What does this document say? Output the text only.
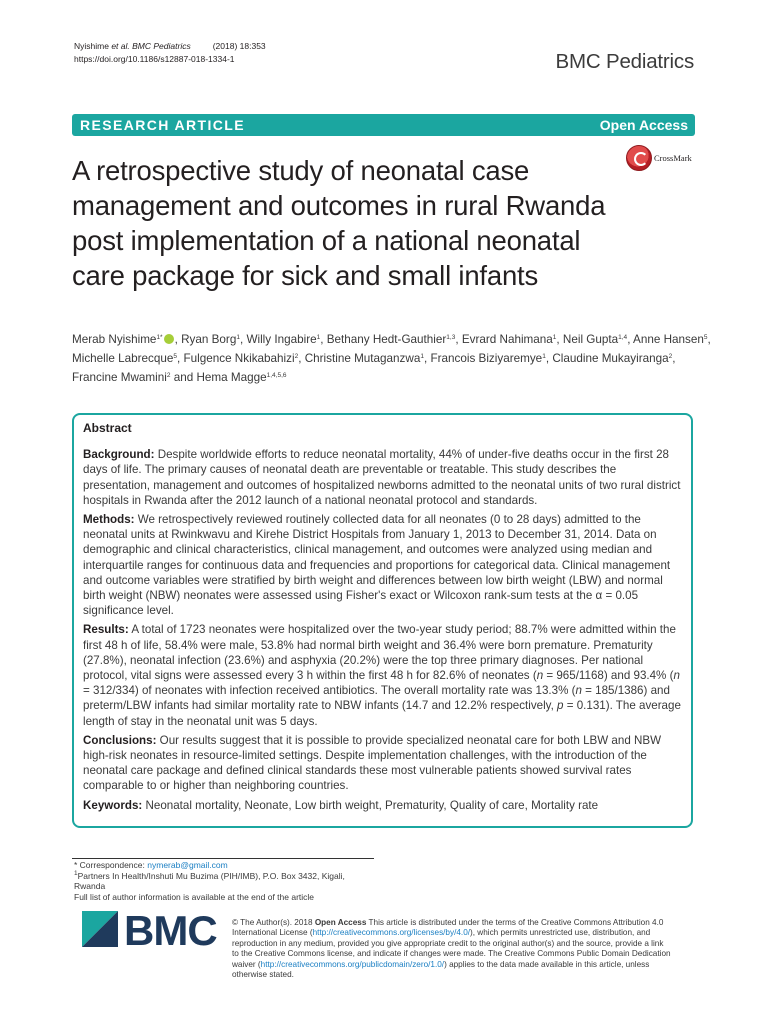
Nyishime et al. BMC Pediatrics	(2018) 18:353
https://doi.org/10.1186/s12887-018-1334-1	BMC Pediatrics
RESEARCH ARTICLE	Open Access
CrossMark
A retrospective study of neonatal case management and outcomes in rural Rwanda post implementation of a national neonatal care package for sick and small infants
Merab Nyishime$^{1*}$ , Ryan Borg$^1$, Willy Ingabire$^1$, Bethany Hedt-Gauthier$^{1,3}$, Evrard Nahimana$^1$, Neil Gupta$^{1,4}$, Anne Hansen$^5$, Michelle Labrecque$^5$, Fulgence Nkikabahizi$^2$, Christine Mutaganzwa$^1$, Francois Biziyaremye$^1$, Claudine Mukayiranga$^2$, Francine Mwamini$^2$ and Hema Magge$^{1,4,5,6}$
Abstract
Background: Despite worldwide efforts to reduce neonatal mortality, 44% of under-five deaths occur in the first 28 days of life. The primary causes of neonatal death are preventable or treatable. This study describes the presentation, management and outcomes of hospitalized newborns admitted to the neonatal units of two rural district hospitals in Rwanda after the 2012 launch of a national neonatal protocol and standards.
Methods: We retrospectively reviewed routinely collected data for all neonates (0 to 28 days) admitted to the neonatal units at Rwinkwavu and Kirehe District Hospitals from January 1, 2013 to December 31, 2014. Data on demographic and clinical characteristics, clinical management, and outcomes were analyzed using median and interquartile ranges for continuous data and frequencies and proportions for categorical data. Clinical management and outcome variables were stratified by birth weight and differences between low birth weight (LBW) and normal birth weight (NBW) neonates were assessed using Fisher's exact or Wilcoxon rank-sum tests at the α = 0.05 significance level.
Results: A total of 1723 neonates were hospitalized over the two-year study period; 88.7% were admitted within the first 48 h of life, 58.4% were male, 53.8% had normal birth weight and 36.4% were born premature. Prematurity (27.8%), neonatal infection (23.6%) and asphyxia (20.2%) were the top three primary diagnoses. Per national protocol, vital signs were assessed every 3 h within the first 48 h for 82.6% of neonates (n = 965/1168) and 93.4% (n = 312/334) of neonates with infection received antibiotics. The overall mortality rate was 13.3% (n = 185/1386) and preterm/LBW infants had similar mortality rate to NBW infants (14.7 and 12.2% respectively, p = 0.131). The average length of stay in the neonatal unit was 5 days.
Conclusions: Our results suggest that it is possible to provide specialized neonatal care for both LBW and NBW high-risk neonates in resource-limited settings. Despite implementation challenges, with the introduction of the neonatal care package and defined clinical standards these most vulnerable patients showed survival rates comparable to or higher than neighboring countries.
Keywords: Neonatal mortality, Neonate, Low birth weight, Prematurity, Quality of care, Mortality rate
* Correspondence: nymerab@gmail.com
$^1$Partners In Health/Inshuti Mu Buzima (PIH/IMB), P.O. Box 3432, Kigali, Rwanda
Full list of author information is available at the end of the article
BMC © The Author(s). 2018 Open Access This article is distributed under the terms of the Creative Commons Attribution 4.0 International License (http://creativecommons.org/licenses/by/4.0/), which permits unrestricted use, distribution, and reproduction in any medium, provided you give appropriate credit to the original author(s) and the source, provide a link to the Creative Commons license, and indicate if changes were made. The Creative Commons Public Domain Dedication waiver (http://creativecommons.org/publicdomain/zero/1.0/) applies to the data made available in this article, unless otherwise stated.
